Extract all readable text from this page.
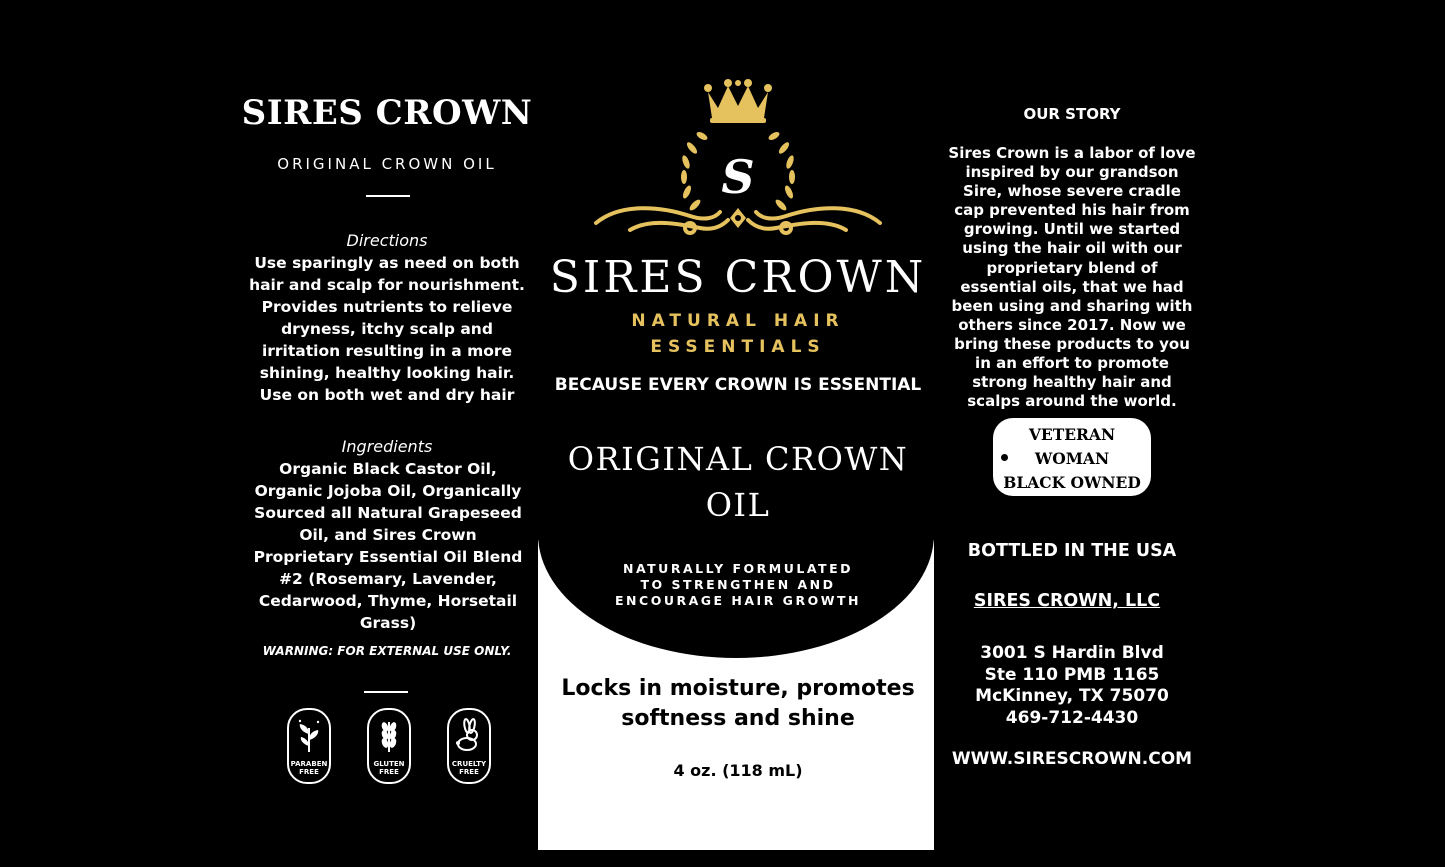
SIRES CROWN
ORIGINAL CROWN OIL
Directions
Use sparingly as need on both hair and scalp for nourishment. Provides nutrients to relieve dryness, itchy scalp and irritation resulting in a more shining, healthy looking hair. Use on both wet and dry hair
Ingredients
Organic Black Castor Oil, Organic Jojoba Oil, Organically Sourced all Natural Grapeseed Oil, and Sires Crown Proprietary Essential Oil Blend #2 (Rosemary, Lavender, Cedarwood, Thyme, Horsetail Grass)
WARNING: FOR EXTERNAL USE ONLY.
PARABEN
FREE
GLUTEN
FREE
CRUELTY
FREE
S
SIRES CROWN
NATURAL HAIR
ESSENTIALS
BECAUSE EVERY CROWN IS ESSENTIAL
ORIGINAL CROWN
OIL
NATURALLY FORMULATED
TO STRENGTHEN AND
ENCOURAGE HAIR GROWTH
Locks in moisture, promotes
softness and shine
4 oz. (118 mL)
OUR STORY
Sires Crown is a labor of love inspired by our grandson Sire, whose severe cradle cap prevented his hair from growing. Until we started using the hair oil with our proprietary blend of essential oils, that we had been using and sharing with others since 2017. Now we bring these products to you in an effort to promote strong healthy hair and scalps around the world.
VETERAN
WOMAN
BLACK OWNED
BOTTLED IN THE USA
SIRES CROWN, LLC
3001 S Hardin Blvd
Ste 110 PMB 1165
McKinney, TX 75070
469-712-4430
WWW.SIRESCROWN.COM
